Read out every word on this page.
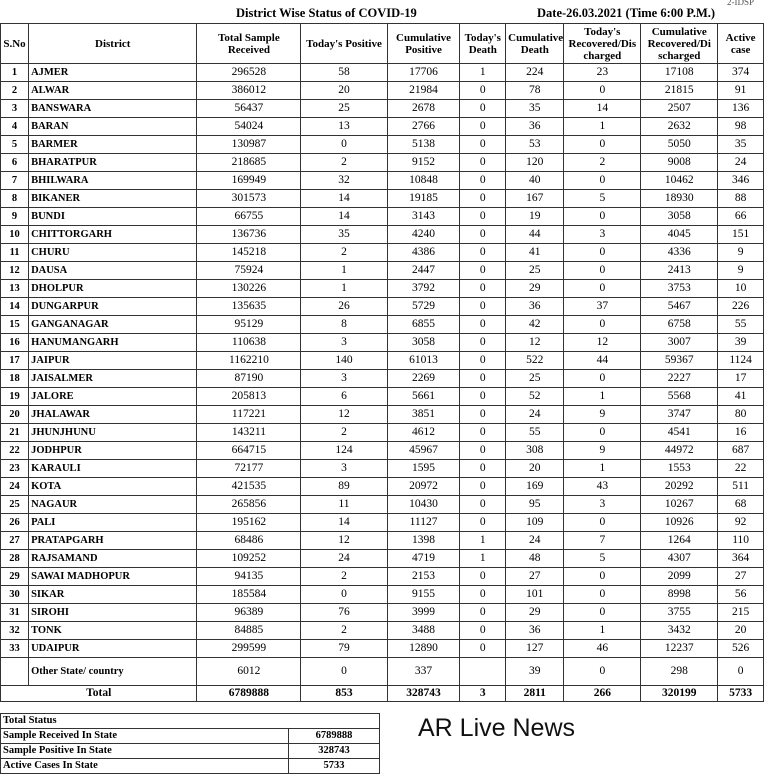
2-IDSP
District Wise Status of COVID-19	Date-26.03.2021 (Time 6:00 P.M.)
S.No	District	Total Sample Received	Today's Positive	Cumulative Positive	Today's Death	Cumulative Death	Today's Recovered/Dis charged	Cumulative Recovered/Di scharged	Active case
1	AJMER	296528	58	17706	1	224	23	17108	374
2	ALWAR	386012	20	21984	0	78	0	21815	91
3	BANSWARA	56437	25	2678	0	35	14	2507	136
4	BARAN	54024	13	2766	0	36	1	2632	98
5	BARMER	130987	0	5138	0	53	0	5050	35
6	BHARATPUR	218685	2	9152	0	120	2	9008	24
7	BHILWARA	169949	32	10848	0	40	0	10462	346
8	BIKANER	301573	14	19185	0	167	5	18930	88
9	BUNDI	66755	14	3143	0	19	0	3058	66
10	CHITTORGARH	136736	35	4240	0	44	3	4045	151
11	CHURU	145218	2	4386	0	41	0	4336	9
12	DAUSA	75924	1	2447	0	25	0	2413	9
13	DHOLPUR	130226	1	3792	0	29	0	3753	10
14	DUNGARPUR	135635	26	5729	0	36	37	5467	226
15	GANGANAGAR	95129	8	6855	0	42	0	6758	55
16	HANUMANGARH	110638	3	3058	0	12	12	3007	39
17	JAIPUR	1162210	140	61013	0	522	44	59367	1124
18	JAISALMER	87190	3	2269	0	25	0	2227	17
19	JALORE	205813	6	5661	0	52	1	5568	41
20	JHALAWAR	117221	12	3851	0	24	9	3747	80
21	JHUNJHUNU	143211	2	4612	0	55	0	4541	16
22	JODHPUR	664715	124	45967	0	308	9	44972	687
23	KARAULI	72177	3	1595	0	20	1	1553	22
24	KOTA	421535	89	20972	0	169	43	20292	511
25	NAGAUR	265856	11	10430	0	95	3	10267	68
26	PALI	195162	14	11127	0	109	0	10926	92
27	PRATAPGARH	68486	12	1398	1	24	7	1264	110
28	RAJSAMAND	109252	24	4719	1	48	5	4307	364
29	SAWAI MADHOPUR	94135	2	2153	0	27	0	2099	27
30	SIKAR	185584	0	9155	0	101	0	8998	56
31	SIROHI	96389	76	3999	0	29	0	3755	215
32	TONK	84885	2	3488	0	36	1	3432	20
33	UDAIPUR	299599	79	12890	0	127	46	12237	526
	Other State/ country	6012	0	337		39	0	298	0
Total		6789888	853	328743	3	2811	266	320199	5733
Total Status	
Sample Received In State	6789888
Sample Positive In State	328743
Active Cases In State	5733
AR Live News
